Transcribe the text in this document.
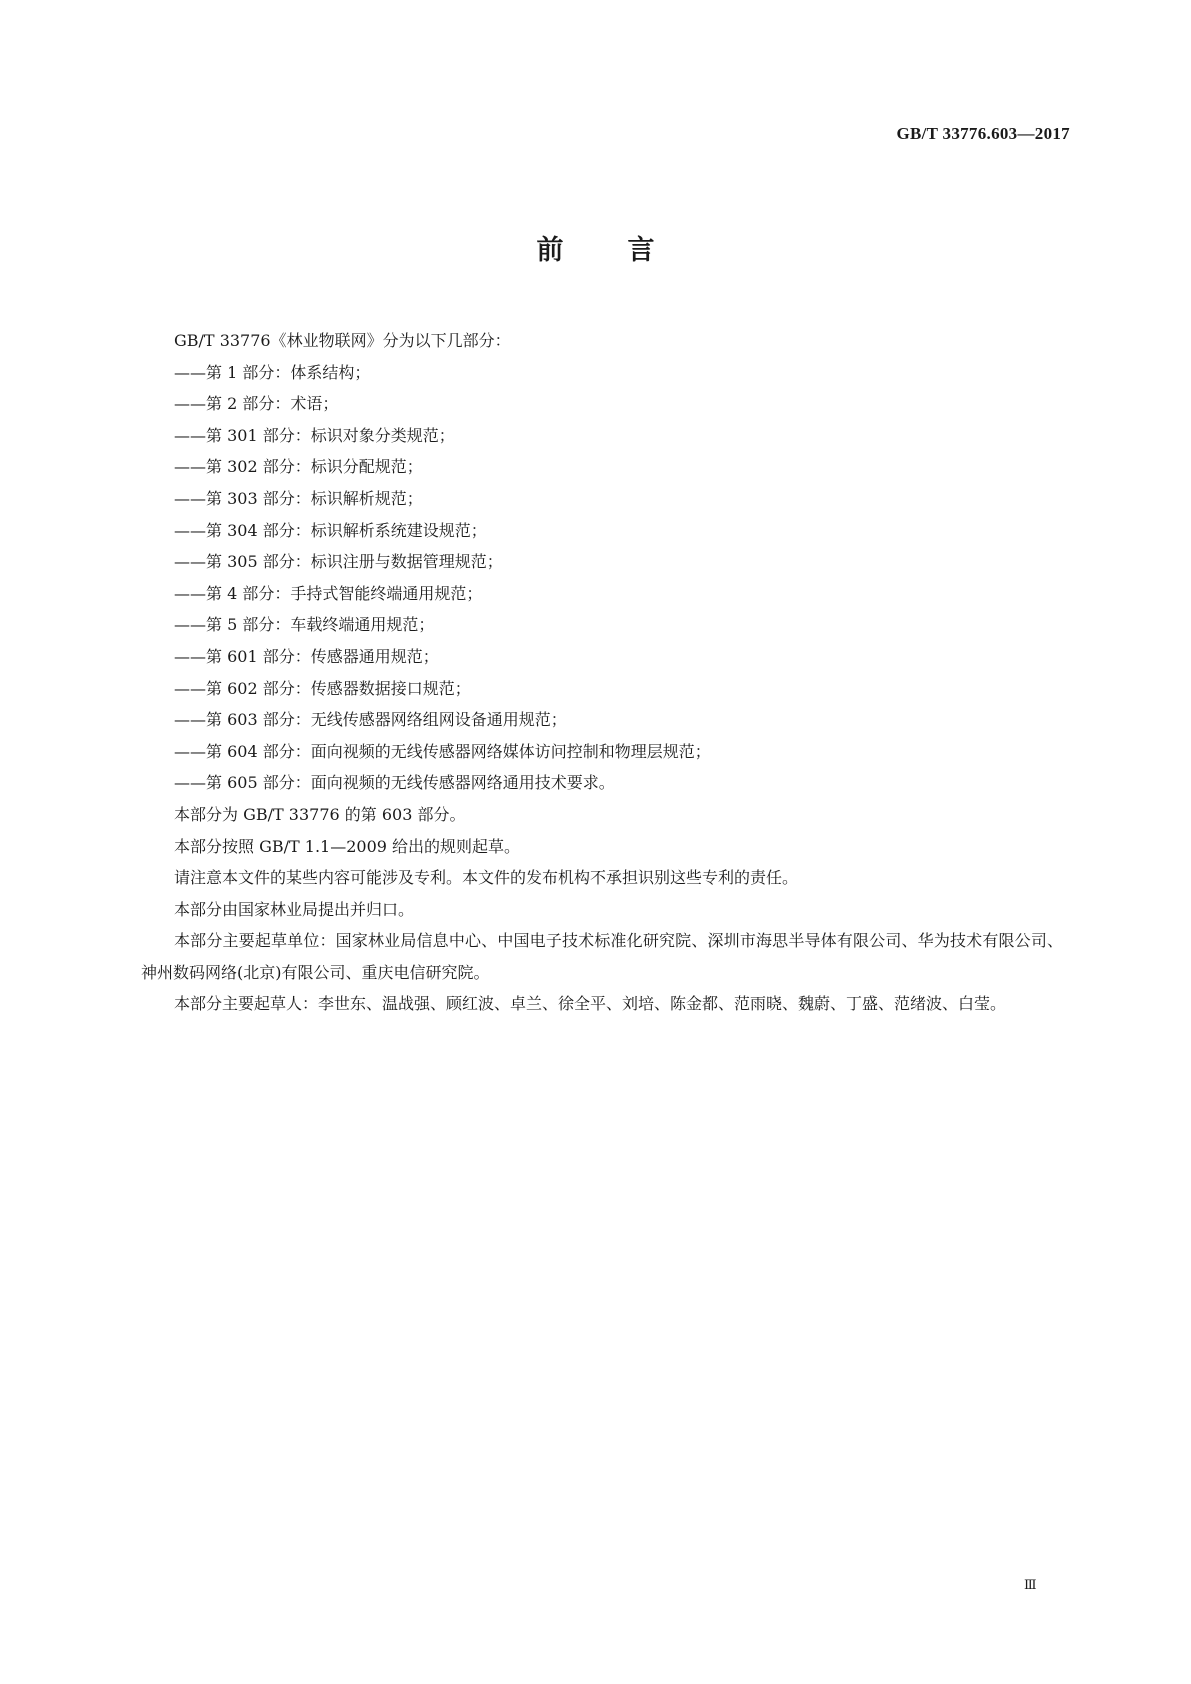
GB/T 33776.603—2017
前 言

GB/T 33776《林业物联网》分为以下几部分：

——第 1 部分：体系结构；

——第 2 部分：术语；

——第 301 部分：标识对象分类规范；

——第 302 部分：标识分配规范；

——第 303 部分：标识解析规范；

——第 304 部分：标识解析系统建设规范；

——第 305 部分：标识注册与数据管理规范；

——第 4 部分：手持式智能终端通用规范；

——第 5 部分：车载终端通用规范；

——第 601 部分：传感器通用规范；

——第 602 部分：传感器数据接口规范；

——第 603 部分：无线传感器网络组网设备通用规范；

——第 604 部分：面向视频的无线传感器网络媒体访问控制和物理层规范；

——第 605 部分：面向视频的无线传感器网络通用技术要求。

本部分为 GB/T 33776 的第 603 部分。

本部分按照 GB/T 1.1—2009 给出的规则起草。

请注意本文件的某些内容可能涉及专利。本文件的发布机构不承担识别这些专利的责任。

本部分由国家林业局提出并归口。

本部分主要起草单位：国家林业局信息中心、中国电子技术标准化研究院、深圳市海思半导体有限公司、华为技术有限公司、神州数码网络(北京)有限公司、重庆电信研究院。

本部分主要起草人：李世东、温战强、顾红波、卓兰、徐全平、刘培、陈金都、范雨晓、魏蔚、丁盛、范绪波、白莹。

Ⅲ
